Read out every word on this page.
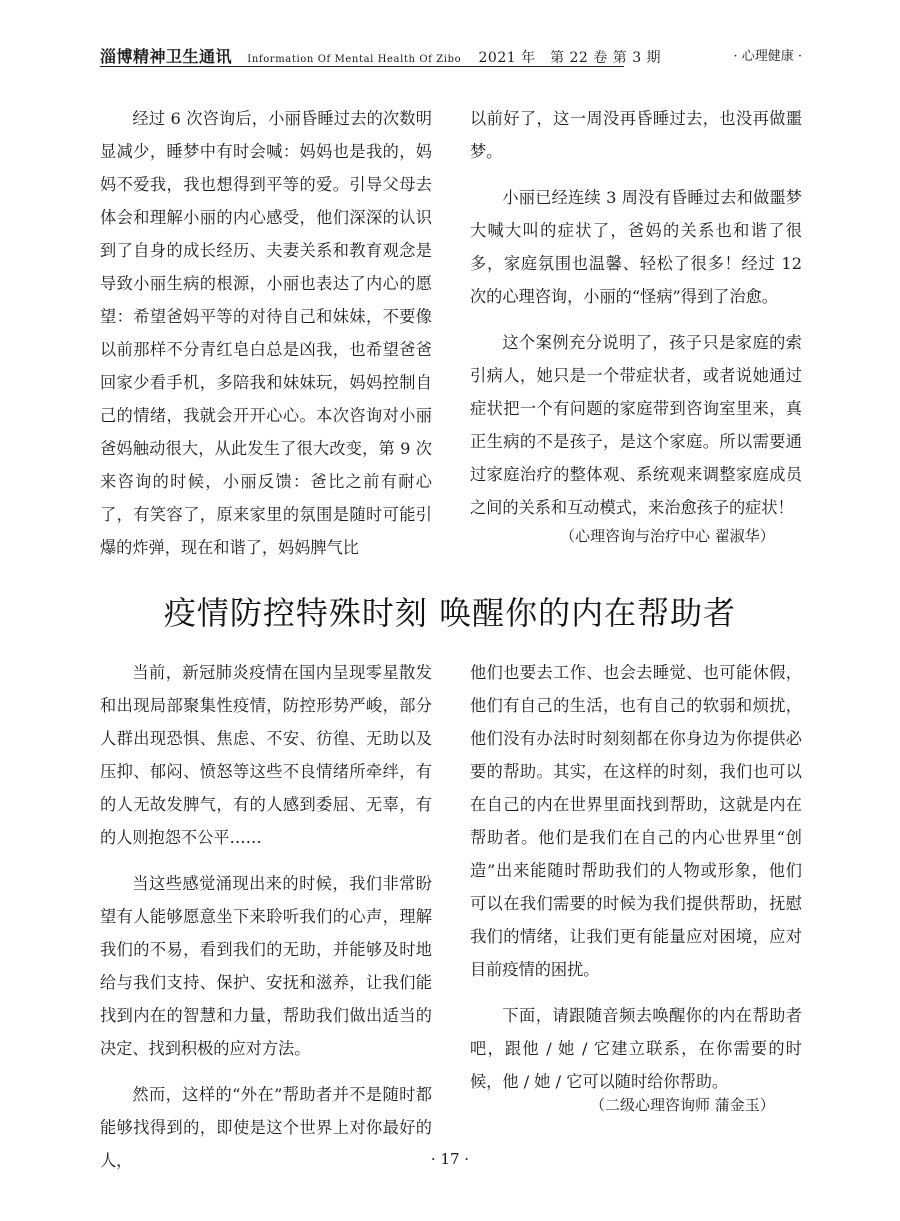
淄博精神卫生通讯 Information Of Mental Health Of Zibo 2021 年　第 22 卷 第 3 期	· 心理健康 ·

经过 6 次咨询后，小丽昏睡过去的次数明显减少，睡梦中有时会喊：妈妈也是我的，妈妈不爱我，我也想得到平等的爱。引导父母去体会和理解小丽的内心感受，他们深深的认识到了自身的成长经历、夫妻关系和教育观念是导致小丽生病的根源，小丽也表达了内心的愿望：希望爸妈平等的对待自己和妹妹，不要像以前那样不分青红皂白总是凶我，也希望爸爸回家少看手机，多陪我和妹妹玩，妈妈控制自己的情绪，我就会开开心心。本次咨询对小丽爸妈触动很大，从此发生了很大改变，第 9 次来咨询的时候，小丽反馈：爸比之前有耐心了，有笑容了，原来家里的氛围是随时可能引爆的炸弹，现在和谐了，妈妈脾气比

以前好了，这一周没再昏睡过去，也没再做噩梦。

小丽已经连续 3 周没有昏睡过去和做噩梦大喊大叫的症状了，爸妈的关系也和谐了很多，家庭氛围也温馨、轻松了很多！经过 12 次的心理咨询，小丽的“怪病”得到了治愈。

这个案例充分说明了，孩子只是家庭的索引病人，她只是一个带症状者，或者说她通过症状把一个有问题的家庭带到咨询室里来，真正生病的不是孩子，是这个家庭。所以需要通过家庭治疗的整体观、系统观来调整家庭成员之间的关系和互动模式，来治愈孩子的症状！

（心理咨询与治疗中心 翟淑华）
疫情防控特殊时刻 唤醒你的内在帮助者

当前，新冠肺炎疫情在国内呈现零星散发和出现局部聚集性疫情，防控形势严峻，部分人群出现恐惧、焦虑、不安、彷徨、无助以及压抑、郁闷、愤怒等这些不良情绪所牵绊，有的人无故发脾气，有的人感到委屈、无辜，有的人则抱怨不公平……

当这些感觉涌现出来的时候，我们非常盼望有人能够愿意坐下来聆听我们的心声，理解我们的不易，看到我们的无助，并能够及时地给与我们支持、保护、安抚和滋养，让我们能找到内在的智慧和力量，帮助我们做出适当的决定、找到积极的应对方法。

然而，这样的“外在”帮助者并不是随时都能够找得到的，即使是这个世界上对你最好的人，

他们也要去工作、也会去睡觉、也可能休假，他们有自己的生活，也有自己的软弱和烦扰，他们没有办法时时刻刻都在你身边为你提供必要的帮助。其实，在这样的时刻，我们也可以在自己的内在世界里面找到帮助，这就是内在帮助者。他们是我们在自己的内心世界里“创造”出来能随时帮助我们的人物或形象，他们可以在我们需要的时候为我们提供帮助，抚慰我们的情绪，让我们更有能量应对困境，应对目前疫情的困扰。

下面，请跟随音频去唤醒你的内在帮助者吧，跟他 / 她 / 它建立联系，在你需要的时候，他 / 她 / 它可以随时给你帮助。

（二级心理咨询师 蒲金玉）
· 17 ·
